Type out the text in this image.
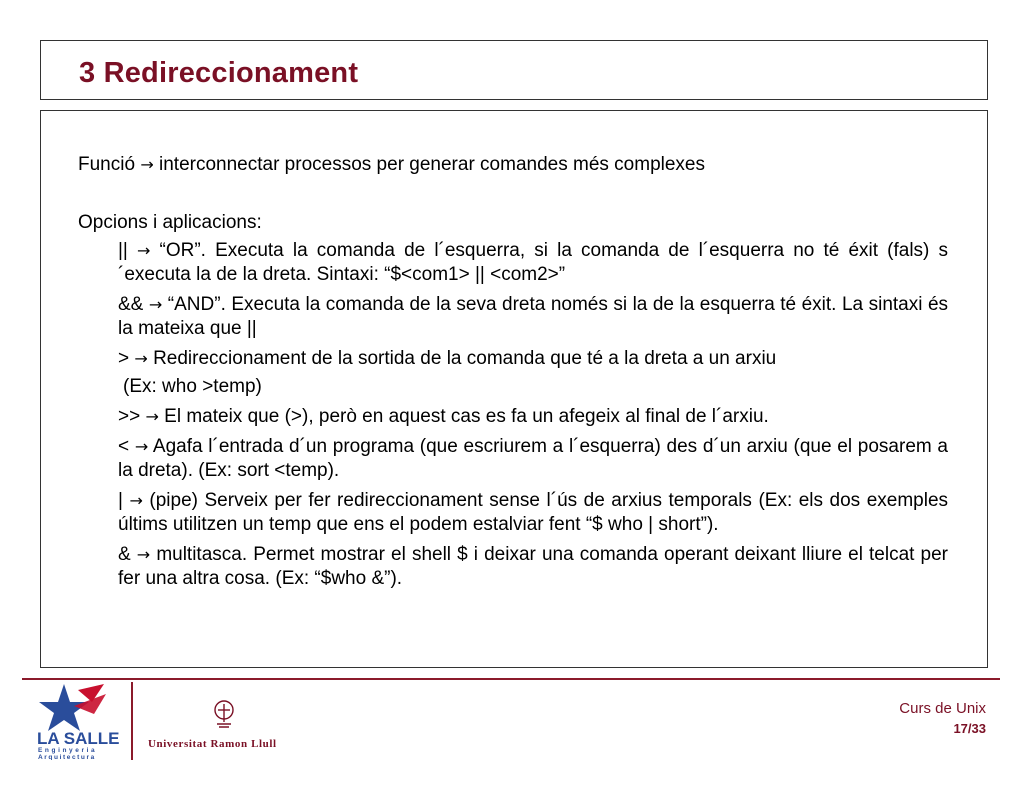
3 Redireccionament

Funció → interconnectar processos per generar comandes més complexes

Opcions i aplicacions:

|| → “OR”. Executa la comanda de l´esquerra, si la comanda de l´esquerra no té éxit (fals) s´executa la de la dreta. Sintaxi: “$<com1> || <com2>”

&& → “AND”. Executa la comanda de la seva dreta només si la de la esquerra té éxit. La sintaxi és la mateixa que ||

> → Redireccionament de la sortida de la comanda que té a la dreta a un arxiu

(Ex: who >temp)

>> → El mateix que (>), però en aquest cas es fa un afegeix al final de l´arxiu.

< → Agafa l´entrada d´un programa (que escriurem a l´esquerra) des d´un arxiu (que el posarem a la dreta). (Ex: sort <temp).

| → (pipe) Serveix per fer redireccionament sense l´ús de arxius temporals (Ex: els dos exemples últims utilitzen un temp que ens el podem estalviar fent “$ who | short”).

& → multitasca. Permet mostrar el shell $ i deixar una comanda operant deixant lliure el telcat per fer una altra cosa. (Ex: “$who &”).

LA SALLE
Enginyeria
Arquitectura
Universitat Ramon Llull
Curs de Unix
17/33
